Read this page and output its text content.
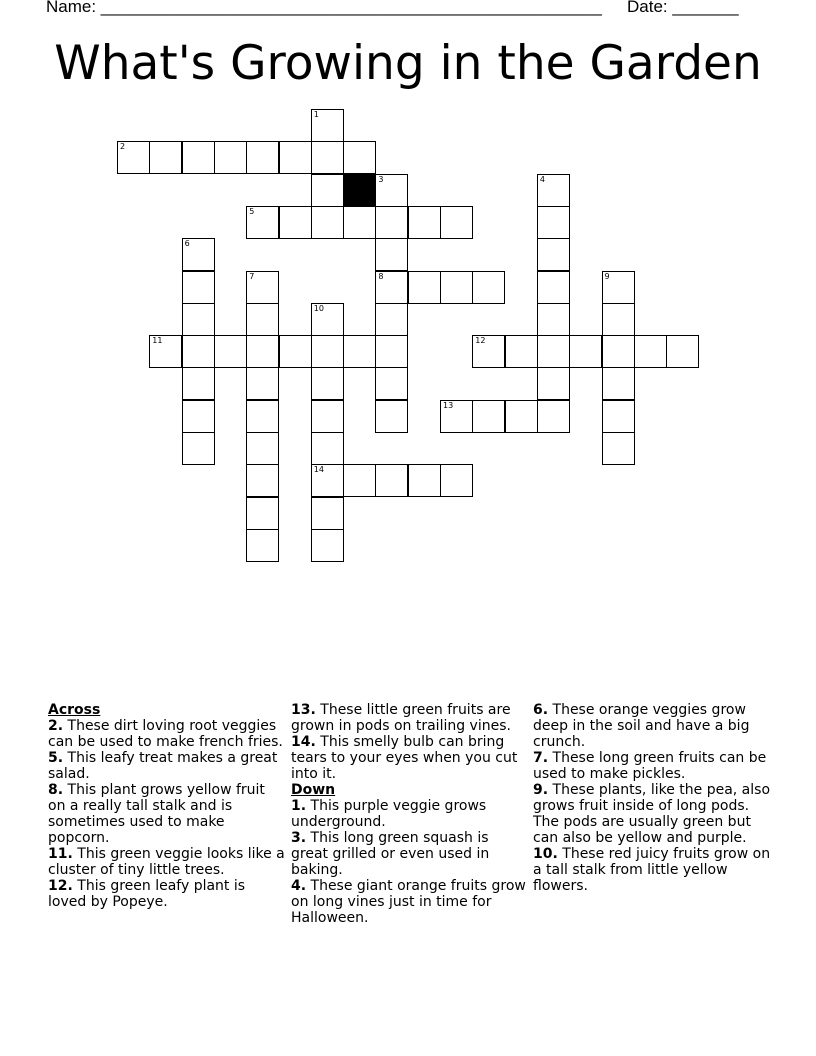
Name: _____________________________________________________ Date: _______
What's Growing in the Garden
1
2
3
8
4
5
6
7	9
10
14
11	12
13

Across

2. These dirt loving root veggies can be used to make french fries.

5. This leafy treat makes a great salad.

8. This plant grows yellow fruit on a really tall stalk and is sometimes used to make popcorn.

11. This green veggie looks like a cluster of tiny little trees.

12. This green leafy plant is loved by Popeye.

13. These little green fruits are grown in pods on trailing vines.

14. This smelly bulb can bring tears to your eyes when you cut into it.

Down

1. This purple veggie grows underground.

3. This long green squash is great grilled or even used in baking.

4. These giant orange fruits grow on long vines just in time for Halloween.

6. These orange veggies grow deep in the soil and have a big crunch.

7. These long green fruits can be used to make pickles.

9. These plants, like the pea, also grows fruit inside of long pods. The pods are usually green but can also be yellow and purple.

10. These red juicy fruits grow on a tall stalk from little yellow flowers.
